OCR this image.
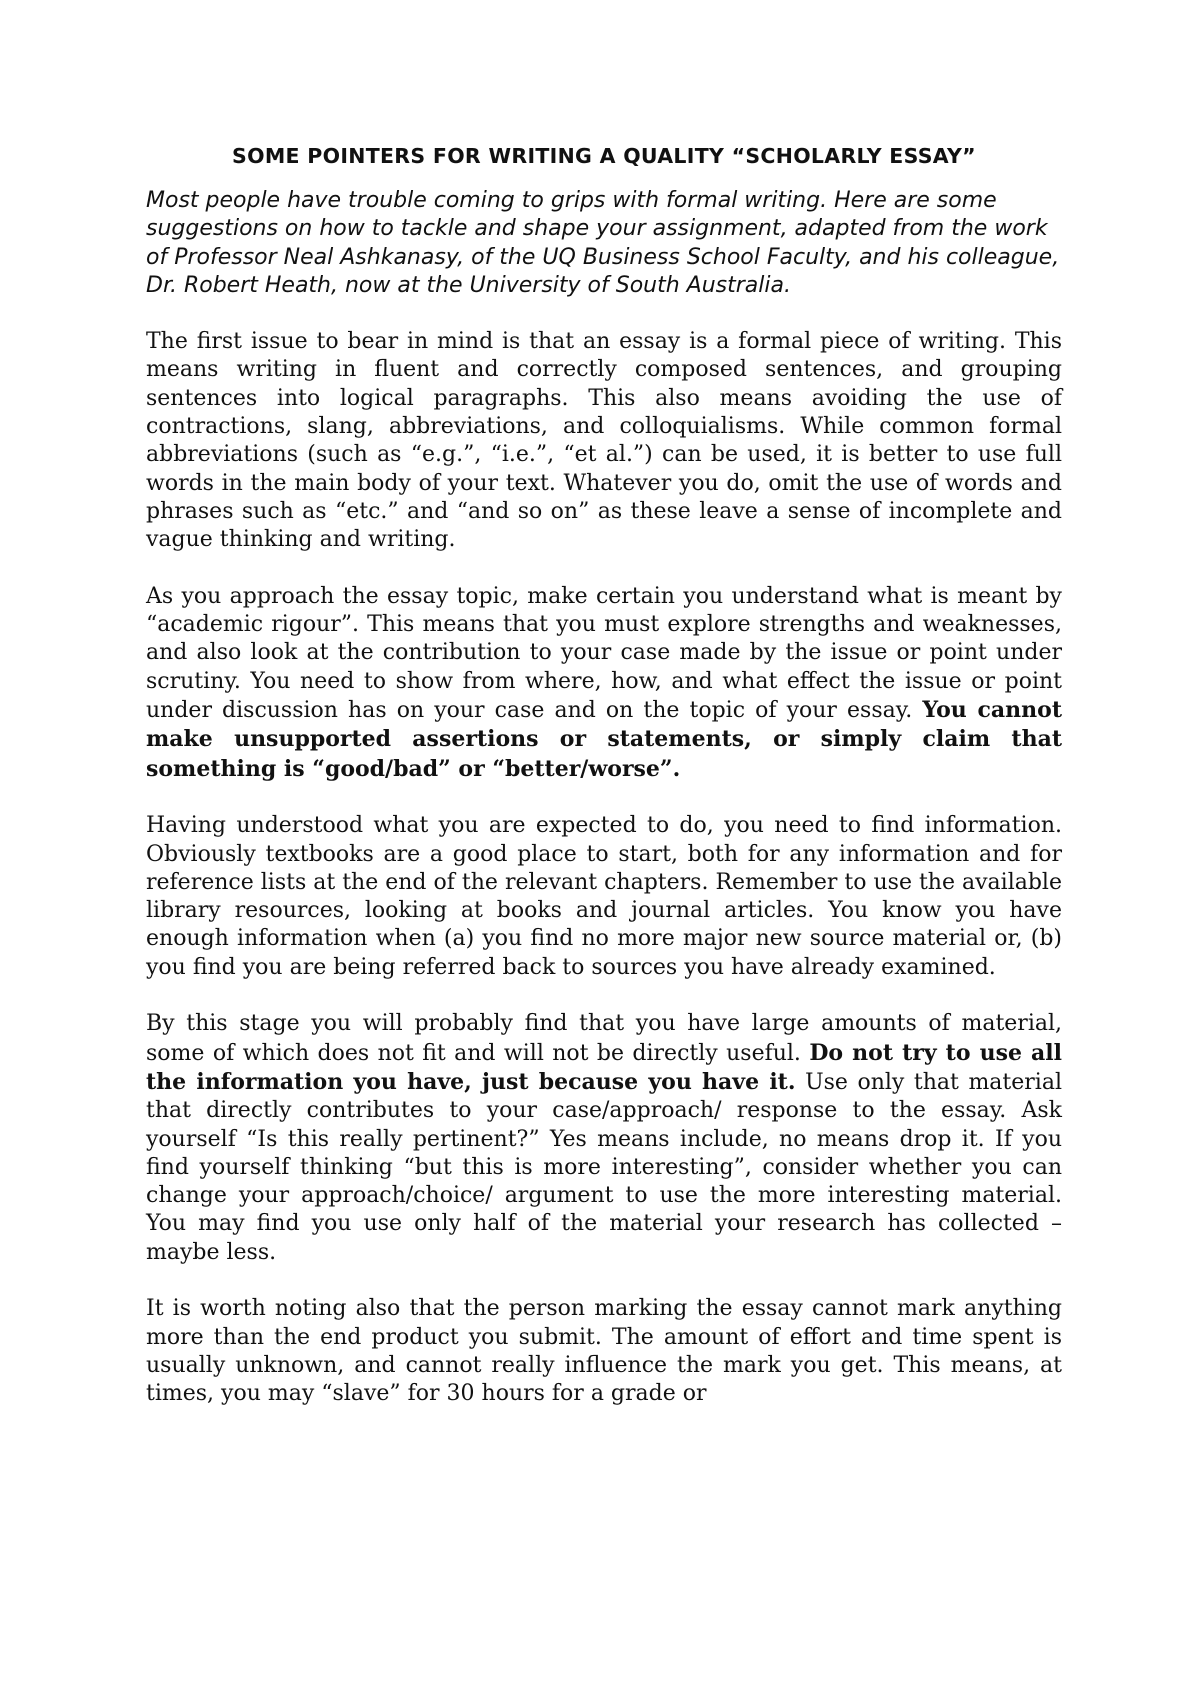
SOME POINTERS FOR WRITING A QUALITY “SCHOLARLY ESSAY”

Most people have trouble coming to grips with formal writing. Here are some suggestions on how to tackle and shape your assignment, adapted from the work of Professor Neal Ashkanasy, of the UQ Business School Faculty, and his colleague, Dr. Robert Heath, now at the University of South Australia.

The first issue to bear in mind is that an essay is a formal piece of writing. This means writing in fluent and correctly composed sentences, and grouping sentences into logical paragraphs. This also means avoiding the use of contractions, slang, abbreviations, and colloquialisms. While common formal abbreviations (such as “e.g.”, “i.e.”, “et al.”) can be used, it is better to use full words in the main body of your text. Whatever you do, omit the use of words and phrases such as “etc.” and “and so on” as these leave a sense of incomplete and vague thinking and writing.

As you approach the essay topic, make certain you understand what is meant by “academic rigour”. This means that you must explore strengths and weaknesses, and also look at the contribution to your case made by the issue or point under scrutiny. You need to show from where, how, and what effect the issue or point under discussion has on your case and on the topic of your essay. You cannot make unsupported assertions or statements, or simply claim that something is “good/bad” or “better/worse”.

Having understood what you are expected to do, you need to find information. Obviously textbooks are a good place to start, both for any information and for reference lists at the end of the relevant chapters. Remember to use the available library resources, looking at books and journal articles. You know you have enough information when (a) you find no more major new source material or, (b) you find you are being referred back to sources you have already examined.

By this stage you will probably find that you have large amounts of material, some of which does not fit and will not be directly useful. Do not try to use all the information you have, just because you have it. Use only that material that directly contributes to your case/approach/ response to the essay. Ask yourself “Is this really pertinent?” Yes means include, no means drop it. If you find yourself thinking “but this is more interesting”, consider whether you can change your approach/choice/ argument to use the more interesting material. You may find you use only half of the material your research has collected – maybe less.

It is worth noting also that the person marking the essay cannot mark anything more than the end product you submit. The amount of effort and time spent is usually unknown, and cannot really influence the mark you get. This means, at times, you may “slave” for 30 hours for a grade or
